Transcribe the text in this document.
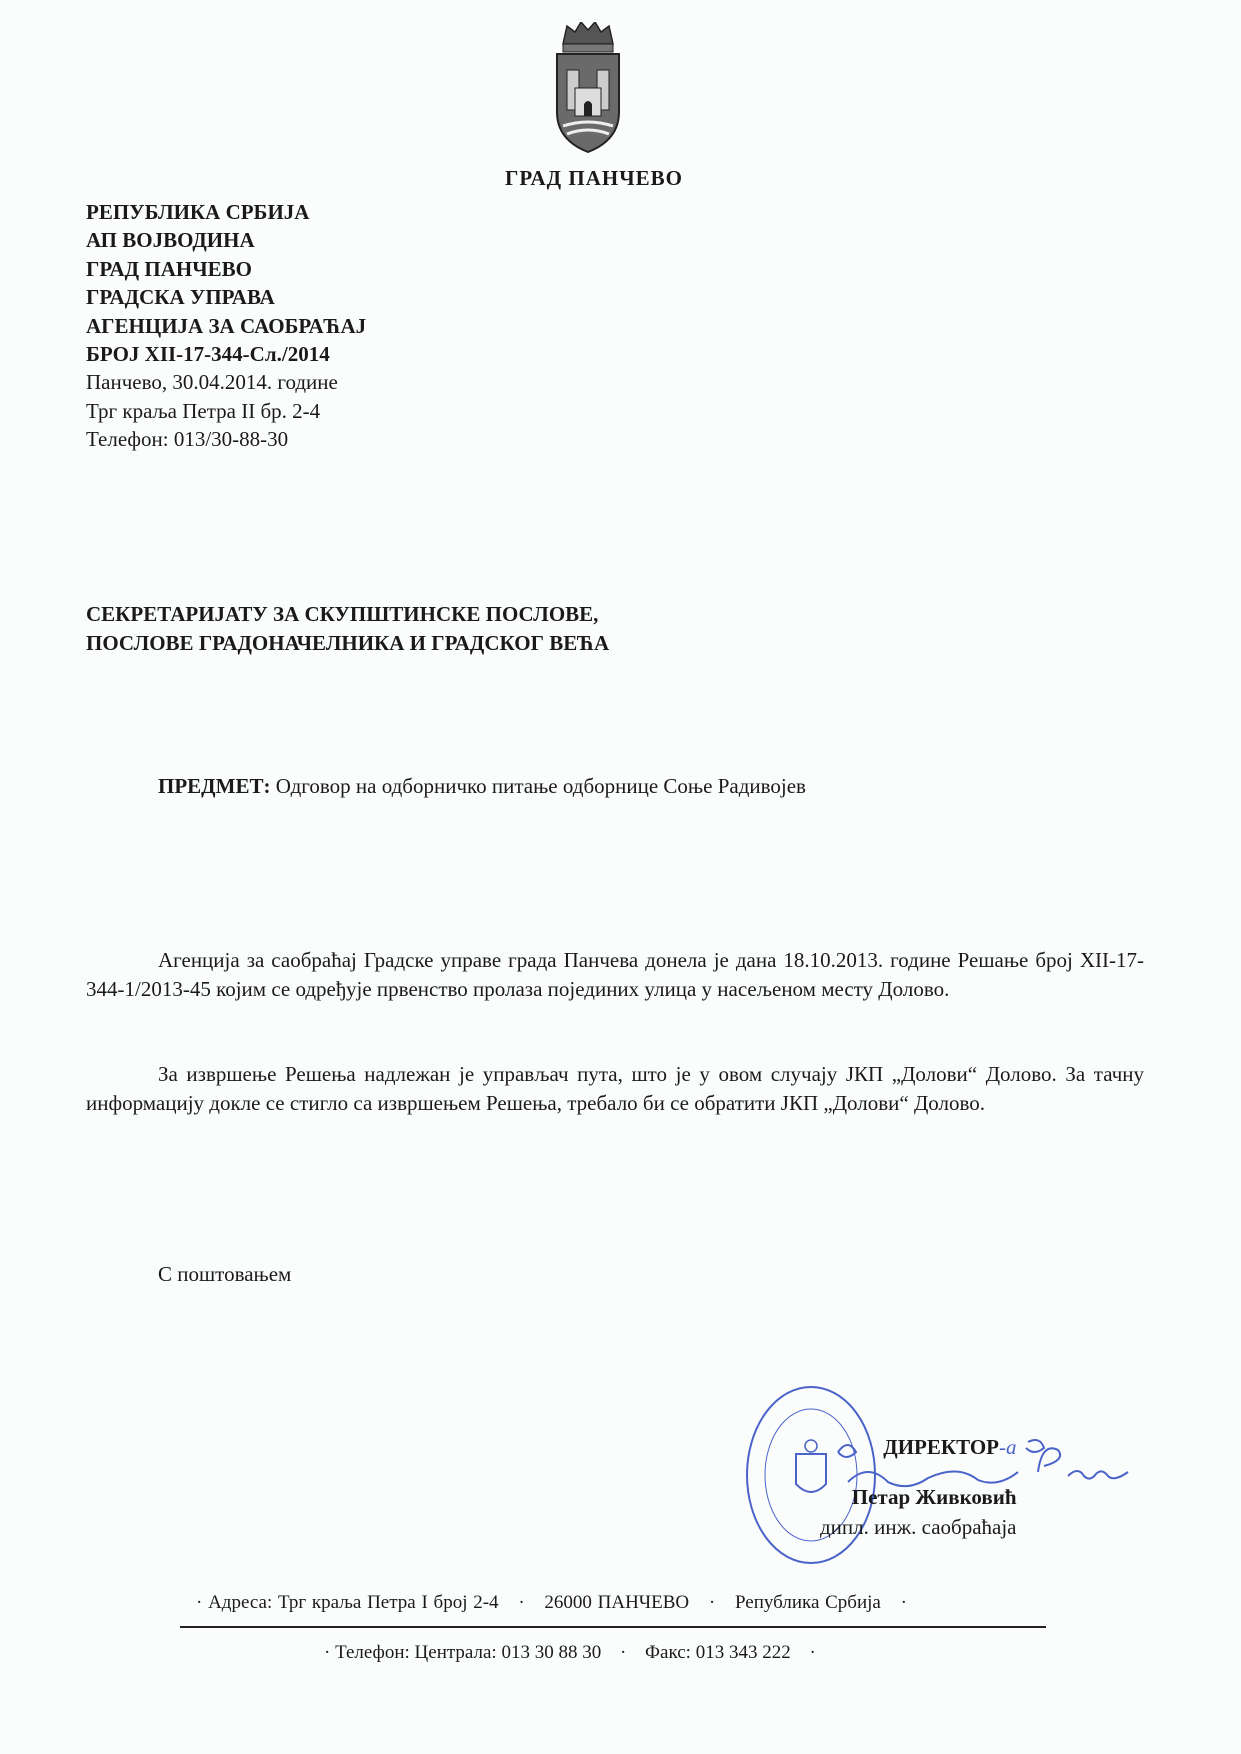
ГРАД ПАНЧЕВО
РЕПУБЛИКА СРБИЈА
АП ВОЈВОДИНА
ГРАД ПАНЧЕВО
ГРАДСКА УПРАВА
АГЕНЦИЈА ЗА САОБРАЋАЈ
БРОЈ XII-17-344-Сл./2014
Панчево, 30.04.2014. године
Трг краља Петра II бр. 2-4
Телефон: 013/30-88-30
СЕКРЕТАРИЈАТУ ЗА СКУПШТИНСКЕ ПОСЛОВЕ,
ПОСЛОВЕ ГРАДОНАЧЕЛНИКА И ГРАДСКОГ ВЕЋА
ПРЕДМЕТ: Одговор на одборничко питање одборнице Соње Радивојев

Агенција за саобраћај Градске управе града Панчева донела је дана 18.10.2013. године Решање број XII-17-344-1/2013-45 којим се одређује првенство пролаза појединих улица у насељеном месту Долово.

За извршење Решења надлежан је управљач пута, што је у овом случају ЈКП „Долови“ Долово. За тачну информацију докле се стигло са извршењем Решења, требало би се обратити ЈКП „Долови“ Долово.

С поштовањем
ДИРЕКТОР-а
Петар Живковић
дипл. инж. саобраћаја
· Адреса: Трг краља Петра I број 2-4 · 26000 ПАНЧЕВО · Република Србија ·
· Телефон: Централа: 013 30 88 30 · Факс: 013 343 222 ·
